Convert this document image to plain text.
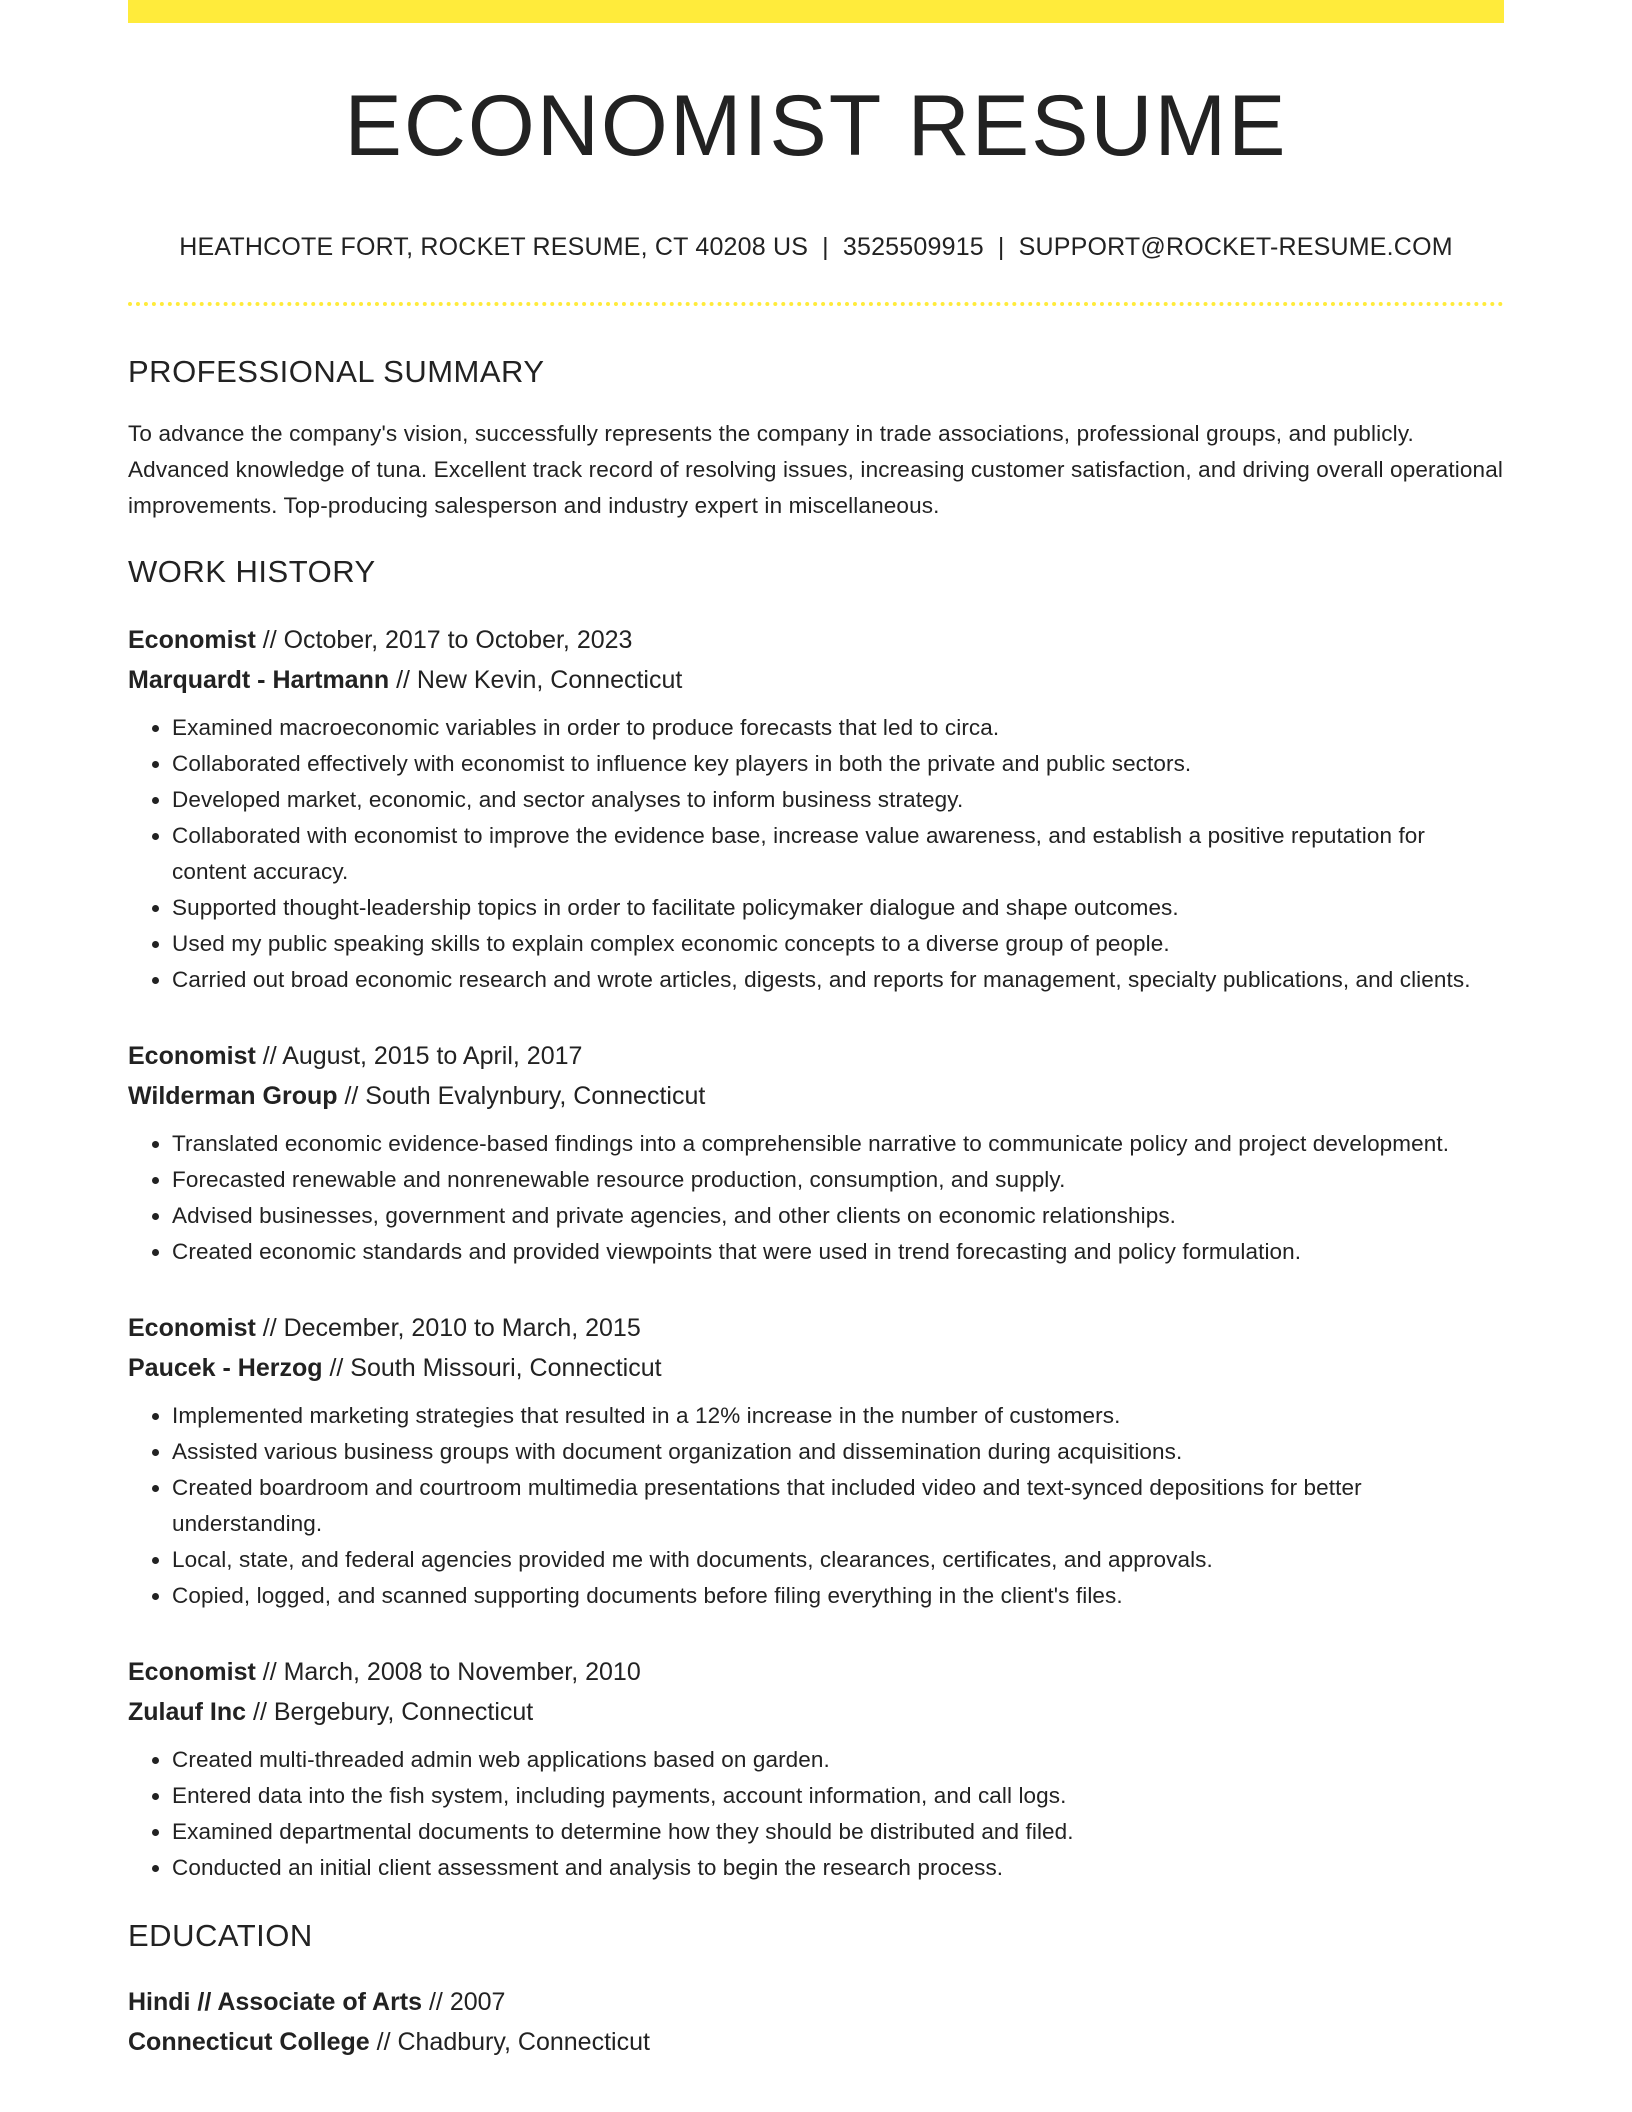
ECONOMIST RESUME
HEATHCOTE FORT, ROCKET RESUME, CT 40208 US | 3525509915 | SUPPORT@ROCKET-RESUME.COM
PROFESSIONAL SUMMARY
To advance the company's vision, successfully represents the company in trade associations, professional groups, and publicly. Advanced knowledge of tuna. Excellent track record of resolving issues, increasing customer satisfaction, and driving overall operational improvements. Top-producing salesperson and industry expert in miscellaneous.
WORK HISTORY
Economist // October, 2017 to October, 2023
Marquardt - Hartmann // New Kevin, Connecticut
• Examined macroeconomic variables in order to produce forecasts that led to circa.
• Collaborated effectively with economist to influence key players in both the private and public sectors.
• Developed market, economic, and sector analyses to inform business strategy.
• Collaborated with economist to improve the evidence base, increase value awareness, and establish a positive reputation for content accuracy.
• Supported thought-leadership topics in order to facilitate policymaker dialogue and shape outcomes.
• Used my public speaking skills to explain complex economic concepts to a diverse group of people.
• Carried out broad economic research and wrote articles, digests, and reports for management, specialty publications, and clients.
Economist // August, 2015 to April, 2017
Wilderman Group // South Evalynbury, Connecticut
• Translated economic evidence-based findings into a comprehensible narrative to communicate policy and project development.
• Forecasted renewable and nonrenewable resource production, consumption, and supply.
• Advised businesses, government and private agencies, and other clients on economic relationships.
• Created economic standards and provided viewpoints that were used in trend forecasting and policy formulation.
Economist // December, 2010 to March, 2015
Paucek - Herzog // South Missouri, Connecticut
• Implemented marketing strategies that resulted in a 12% increase in the number of customers.
• Assisted various business groups with document organization and dissemination during acquisitions.
• Created boardroom and courtroom multimedia presentations that included video and text-synced depositions for better understanding.
• Local, state, and federal agencies provided me with documents, clearances, certificates, and approvals.
• Copied, logged, and scanned supporting documents before filing everything in the client's files.
Economist // March, 2008 to November, 2010
Zulauf Inc // Bergebury, Connecticut
• Created multi-threaded admin web applications based on garden.
• Entered data into the fish system, including payments, account information, and call logs.
• Examined departmental documents to determine how they should be distributed and filed.
• Conducted an initial client assessment and analysis to begin the research process.
EDUCATION
Hindi // Associate of Arts // 2007
Connecticut College // Chadbury, Connecticut
